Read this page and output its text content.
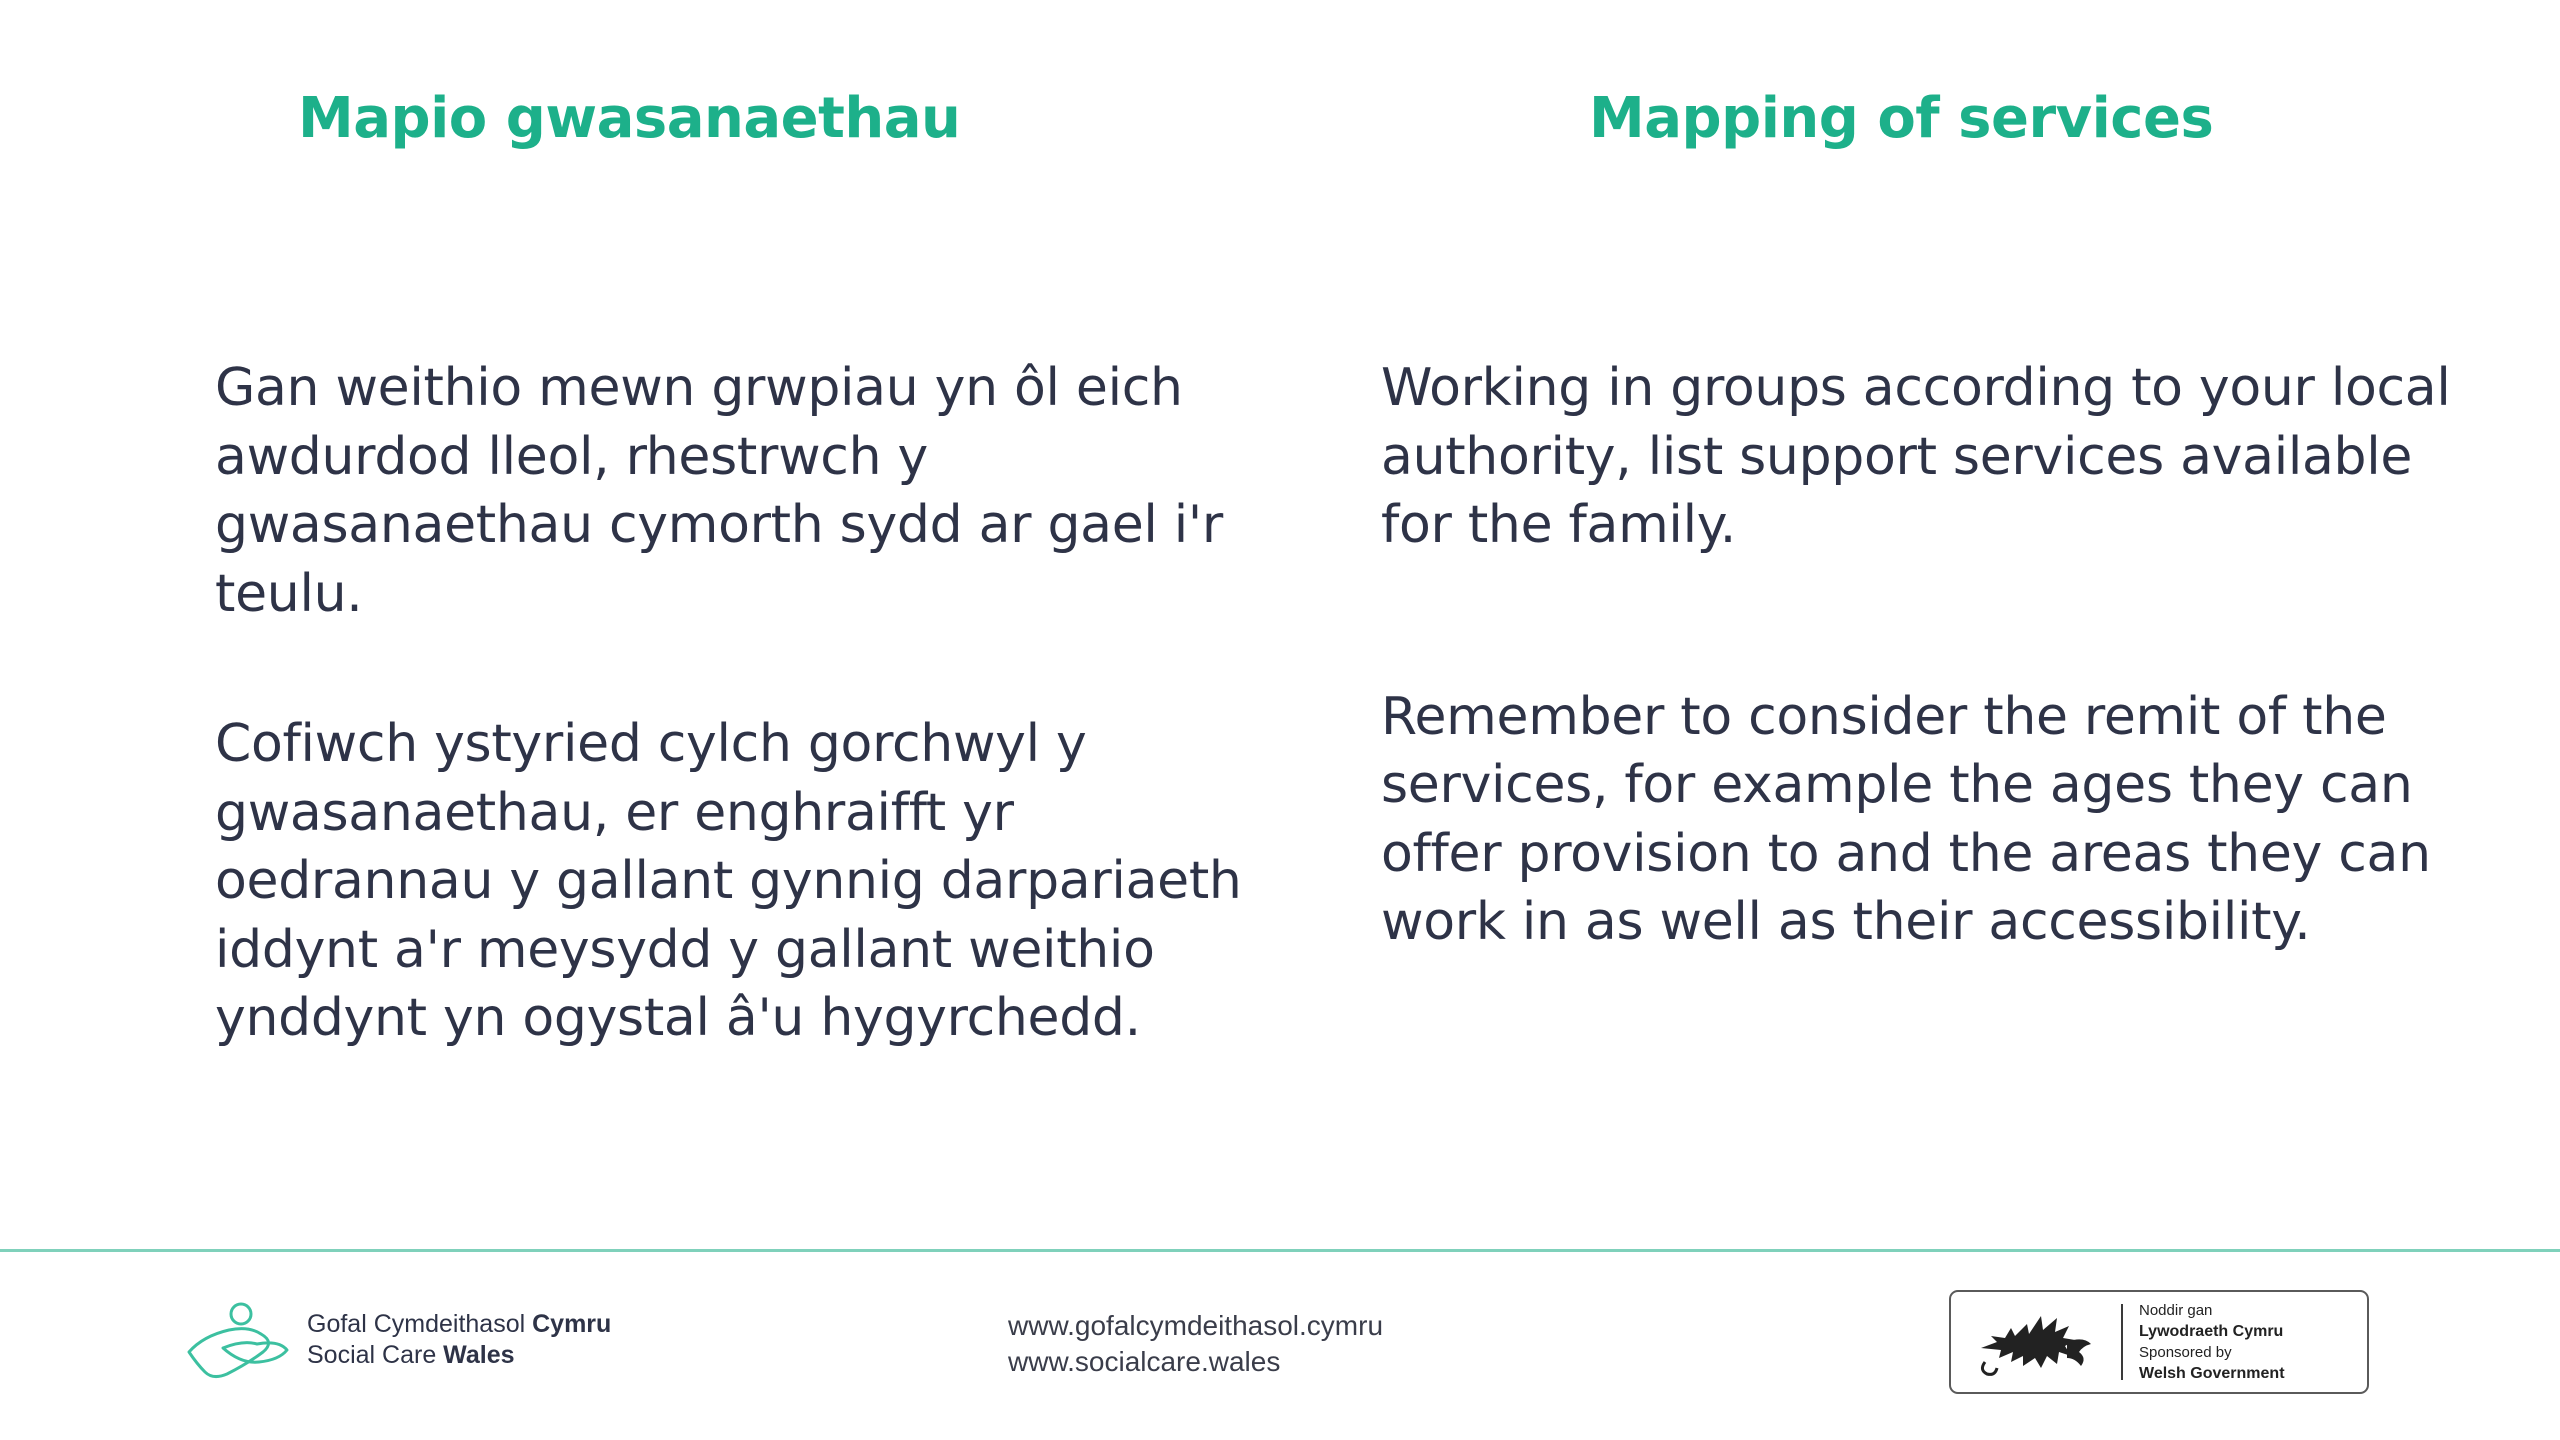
Mapio gwasanaethau	Mapping of services

Gan weithio mewn grwpiau yn ôl eich awdurdod lleol, rhestrwch y gwasanaethau cymorth sydd ar gael i'r teulu.

Cofiwch ystyried cylch gorchwyl y gwasanaethau, er enghraifft yr oedrannau y gallant gynnig darpariaeth iddynt a'r meysydd y gallant weithio ynddynt yn ogystal â'u hygyrchedd.

Working in groups according to your local authority, list support services available for the family.

Remember to consider the remit of the services, for example the ages they can offer provision to and the areas they can work in as well as their accessibility.

Gofal Cymdeithasol Cymru
Social Care Wales
www.gofalcymdeithasol.cymru
www.socialcare.wales
Noddir gan
Lywodraeth Cymru
Sponsored by
Welsh Government
